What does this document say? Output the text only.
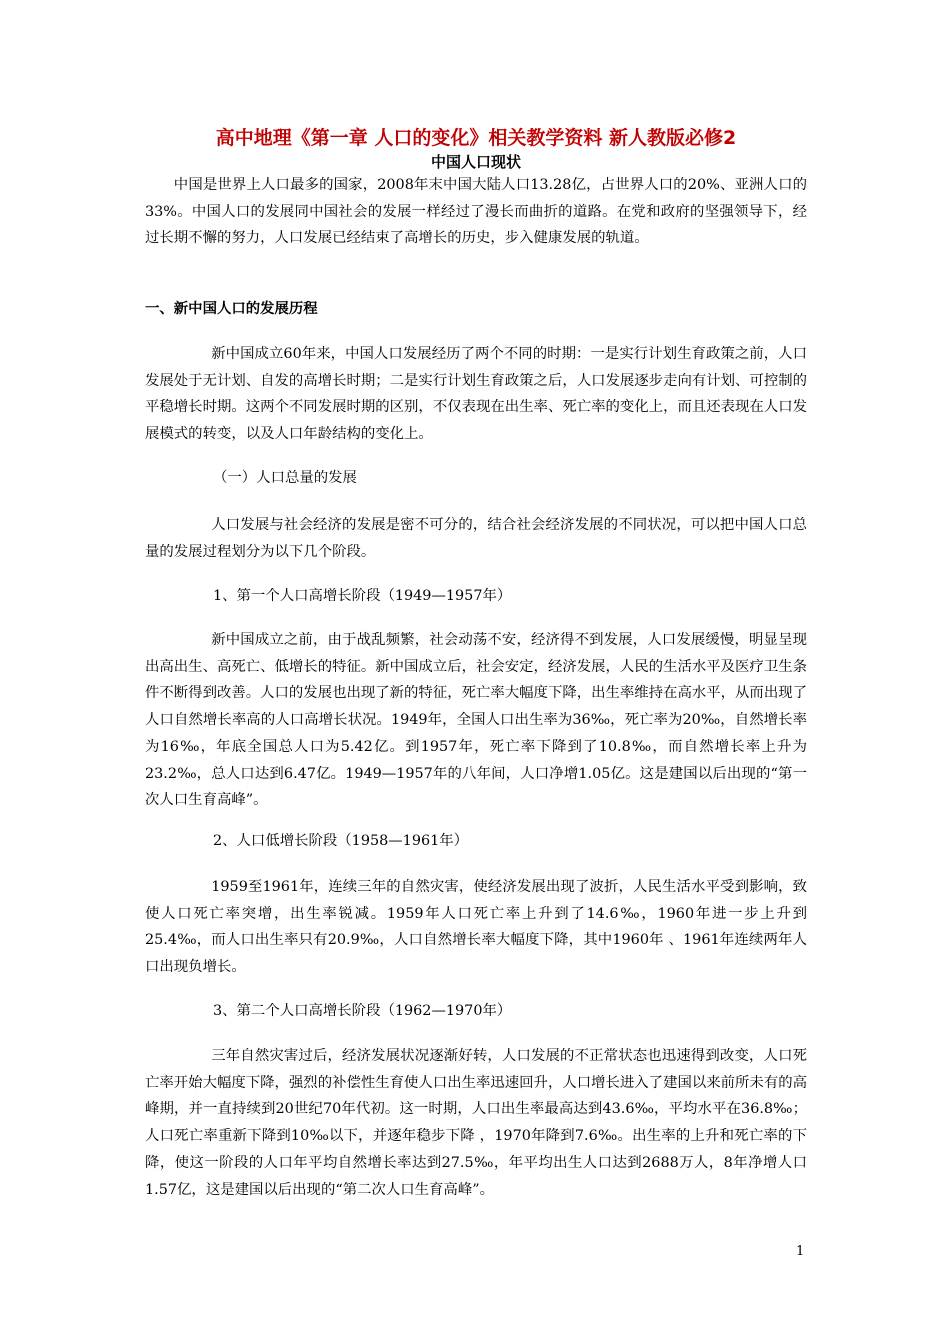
高中地理《第一章 人口的变化》相关教学资料 新人教版必修2
中国人口现状

中国是世界上人口最多的国家，2008年末中国大陆人口13.28亿，占世界人口的20%、亚洲人口的33%。中国人口的发展同中国社会的发展一样经过了漫长而曲折的道路。在党和政府的坚强领导下，经过长期不懈的努力，人口发展已经结束了高增长的历史，步入健康发展的轨道。

一、新中国人口的发展历程

新中国成立60年来，中国人口发展经历了两个不同的时期：一是实行计划生育政策之前，人口发展处于无计划、自发的高增长时期；二是实行计划生育政策之后，人口发展逐步走向有计划、可控制的平稳增长时期。这两个不同发展时期的区别，不仅表现在出生率、死亡率的变化上，而且还表现在人口发展模式的转变，以及人口年龄结构的变化上。

（一）人口总量的发展

人口发展与社会经济的发展是密不可分的，结合社会经济发展的不同状况，可以把中国人口总量的发展过程划分为以下几个阶段。

1、第一个人口高增长阶段（1949—1957年）

新中国成立之前，由于战乱频繁，社会动荡不安，经济得不到发展，人口发展缓慢，明显呈现出高出生、高死亡、低增长的特征。新中国成立后，社会安定，经济发展，人民的生活水平及医疗卫生条件不断得到改善。人口的发展也出现了新的特征，死亡率大幅度下降，出生率维持在高水平，从而出现了人口自然增长率高的人口高增长状况。1949年，全国人口出生率为36‰，死亡率为20‰，自然增长率为16‰，年底全国总人口为5.42亿。到1957年，死亡率下降到了10.8‰，而自然增长率上升为23.2‰，总人口达到6.47亿。1949—1957年的八年间，人口净增1.05亿。这是建国以后出现的“第一次人口生育高峰”。

2、人口低增长阶段（1958—1961年）

1959至1961年，连续三年的自然灾害，使经济发展出现了波折，人民生活水平受到影响，致使人口死亡率突增，出生率锐减。1959年人口死亡率上升到了14.6‰，1960年进一步上升到25.4‰，而人口出生率只有20.9‰，人口自然增长率大幅度下降，其中1960年 、1961年连续两年人口出现负增长。

3、第二个人口高增长阶段（1962—1970年）

三年自然灾害过后，经济发展状况逐渐好转，人口发展的不正常状态也迅速得到改变，人口死亡率开始大幅度下降，强烈的补偿性生育使人口出生率迅速回升，人口增长进入了建国以来前所未有的高峰期，并一直持续到20世纪70年代初。这一时期，人口出生率最高达到43.6‰，平均水平在36.8‰；人口死亡率重新下降到10‰以下，并逐年稳步下降 ，1970年降到7.6‰。出生率的上升和死亡率的下降，使这一阶段的人口年平均自然增长率达到27.5‰，年平均出生人口达到2688万人，8年净增人口1.57亿，这是建国以后出现的“第二次人口生育高峰”。

1
